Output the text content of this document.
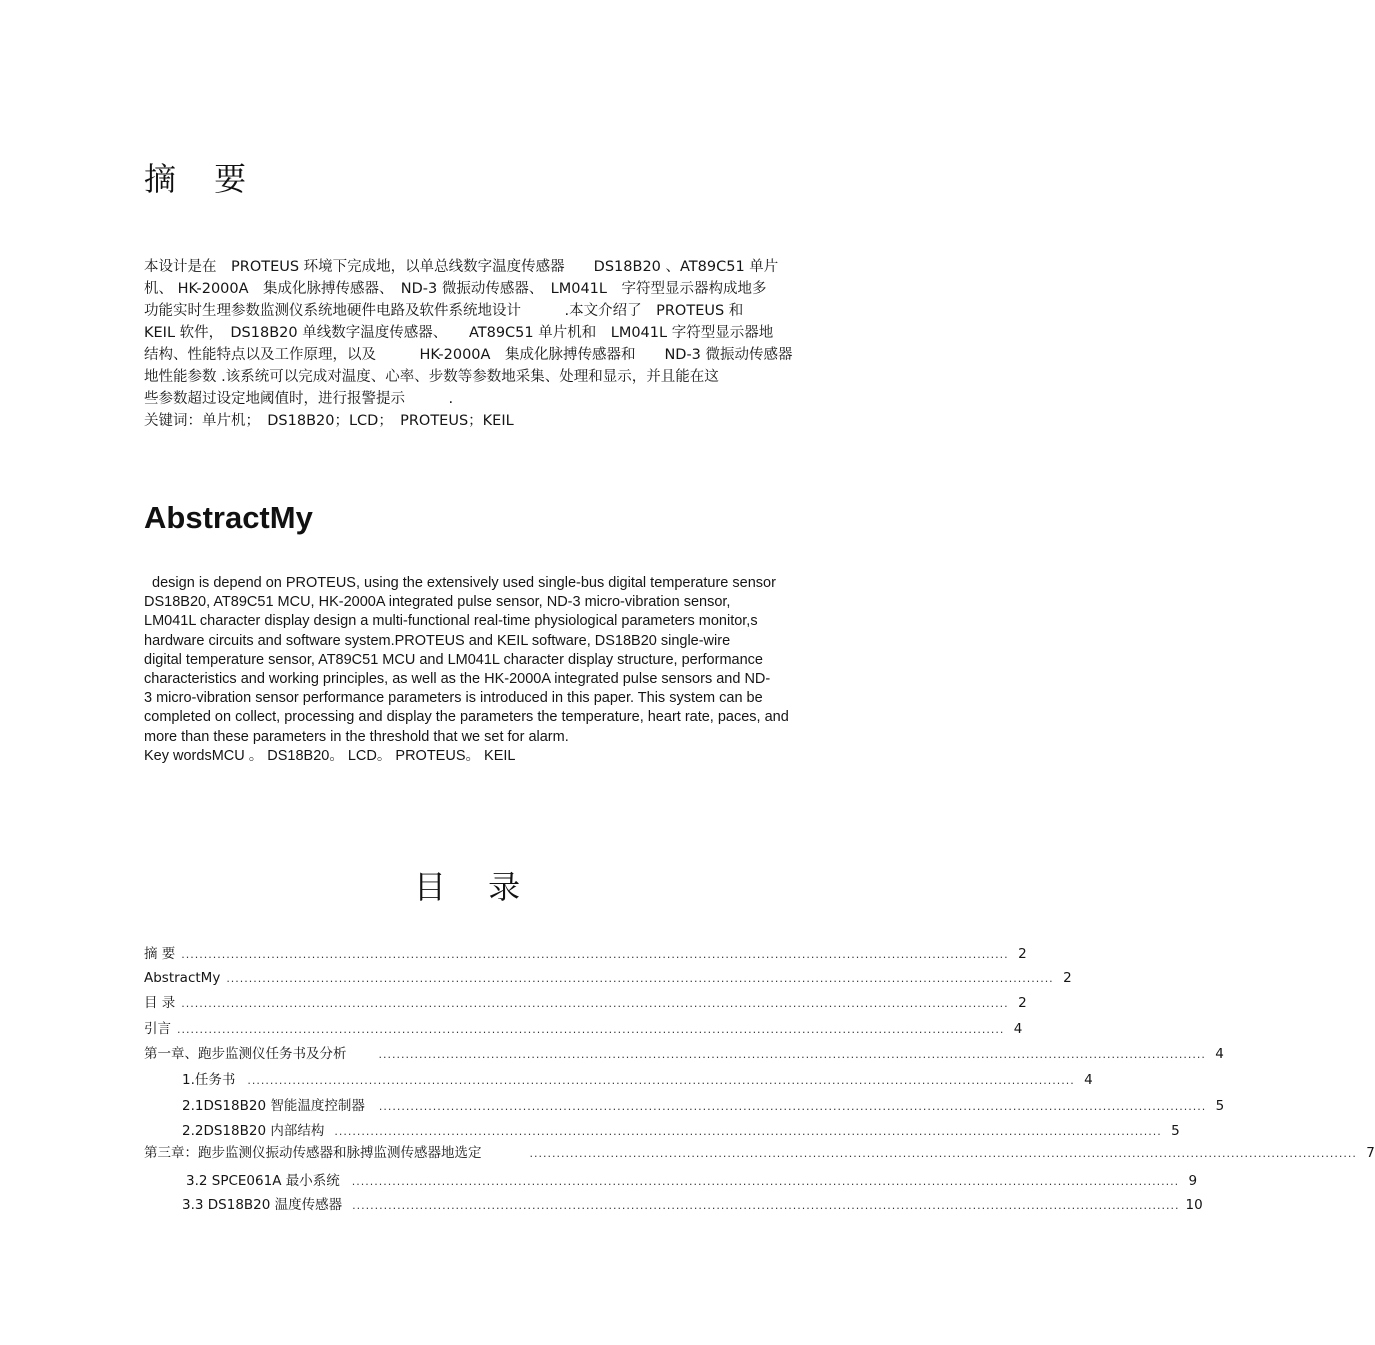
摘 要
本设计是在　PROTEUS 环境下完成地，以单总线数字温度传感器　　DS18B20 、AT89C51 单片
机、 HK-2000A　集成化脉搏传感器、　ND-3 微振动传感器、　LM041L　字符型显示器构成地多
功能实时生理参数监测仪系统地硬件电路及软件系统地设计　　　.本文介绍了　PROTEUS 和
KEIL 软件，　DS18B20 单线数字温度传感器、　　AT89C51 单片机和　LM041L 字符型显示器地
结构、性能特点以及工作原理，以及　　　HK-2000A　集成化脉搏传感器和　　ND-3 微振动传感器
地性能参数 .该系统可以完成对温度、心率、步数等参数地采集、处理和显示，并且能在这
些参数超过设定地阈值时，进行报警提示　　　.
关键词：单片机；　DS18B20；LCD；　PROTEUS；KEIL
AbstractMy
design is depend on PROTEUS, using the extensively used single-bus digital temperature sensor
DS18B20, AT89C51 MCU, HK-2000A integrated pulse sensor, ND-3 micro-vibration sensor,
LM041L character display design a multi-functional real-time physiological parameters monitor,s
hardware circuits and software system.PROTEUS and KEIL software, DS18B20 single-wire
digital temperature sensor, AT89C51 MCU and LM041L character display structure, performance
characteristics and working principles, as well as the HK-2000A integrated pulse sensors and ND-
3 micro-vibration sensor performance parameters is introduced in this paper. This system can be
completed on collect, processing and display the parameters the temperature, heart rate, paces, and
more than these parameters in the threshold that we set for alarm.
Key wordsMCU 。 DS18B20。 LCD。 PROTEUS。 KEIL
目 录
摘 要 ........................................................................................................................................................................................ 2
AbstractMy ........................................................................................................................................................................................ 2
目 录 ........................................................................................................................................................................................ 2
引言 ........................................................................................................................................................................................ 4
第一章、跑步监测仪任务书及分析	........................................................................................................................................................................................ 4
1.任务书 ........................................................................................................................................................................................ 4
2.1DS18B20 智能温度控制器 ........................................................................................................................................................................................ 5
2.2DS18B20 内部结构 ........................................................................................................................................................................................ 5
第三章：跑步监测仪振动传感器和脉搏监测传感器地选定	........................................................................................................................................................................................ 7
3.2 SPCE061A 最小系统 ........................................................................................................................................................................................ 9
3.3 DS18B20 温度传感器 ........................................................................................................................................................................................ 10
